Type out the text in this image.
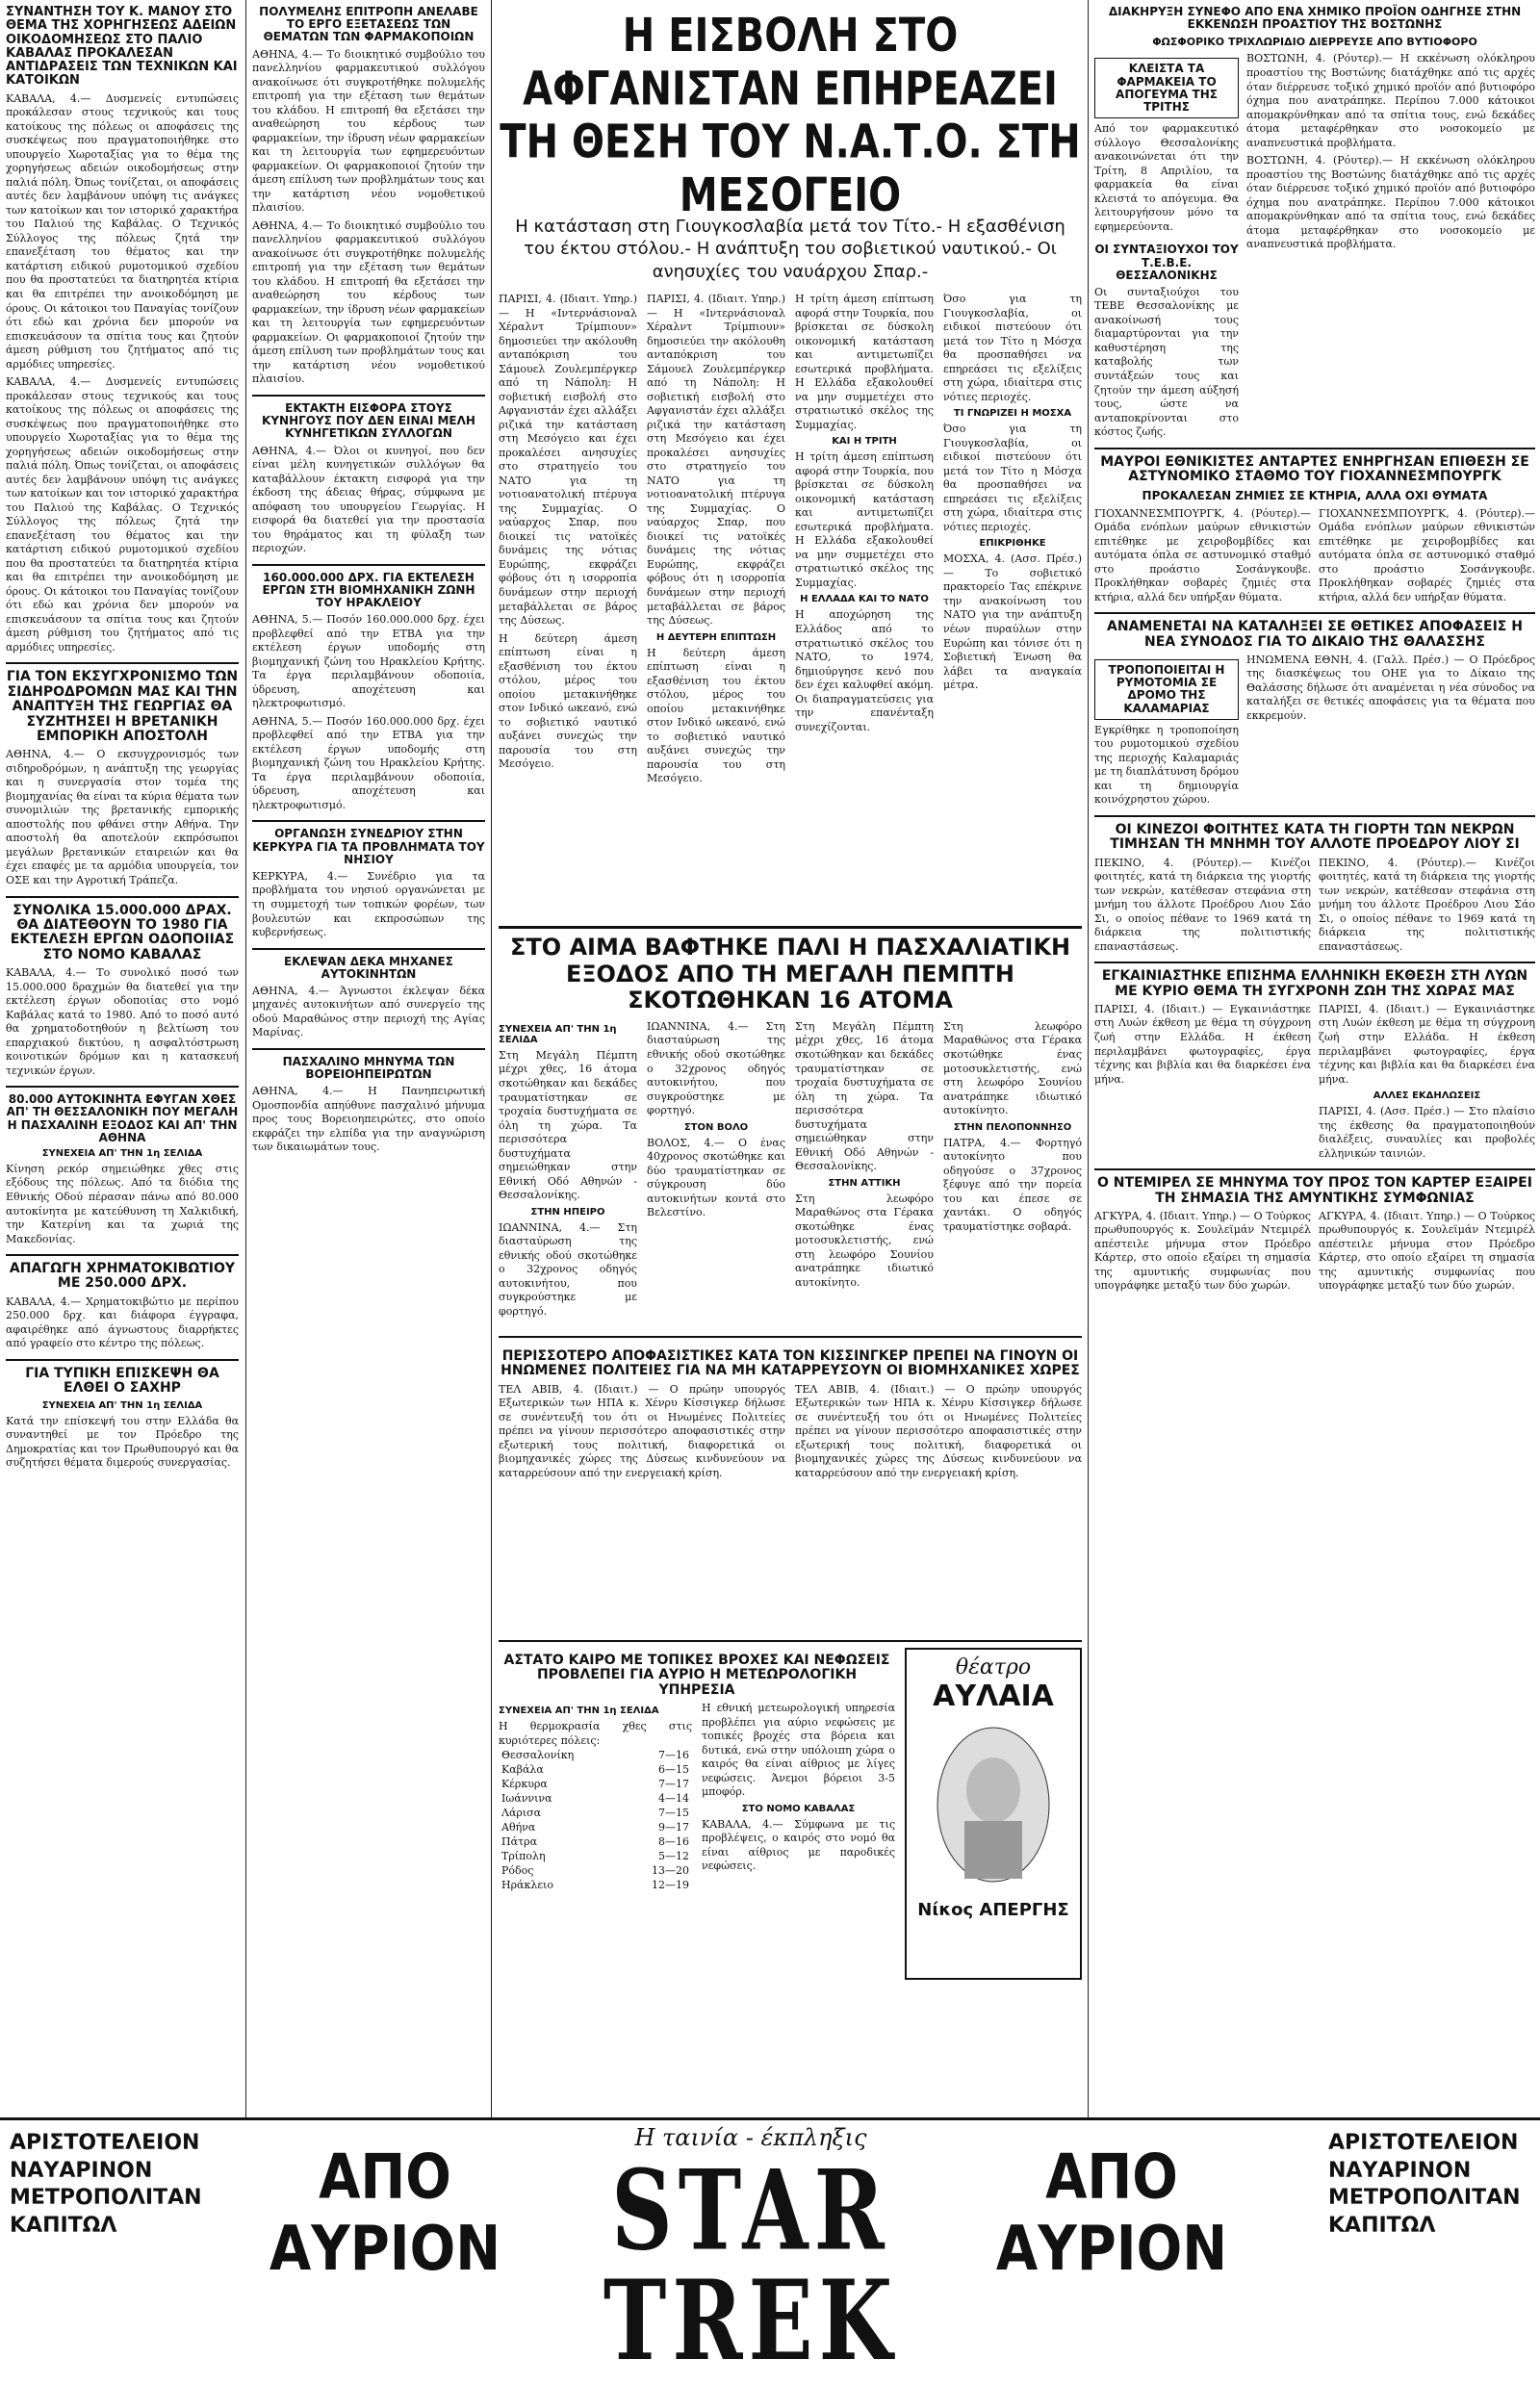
ΣΥΝΑΝΤΗΣΗ ΤΟΥ Κ. ΜΑΝΟΥ ΣΤΟ ΘΕΜΑ ΤΗΣ ΧΟΡΗΓΗΣΕΩΣ ΑΔΕΙΩΝ ΟΙΚΟΔΟΜΗΣΕΩΣ ΣΤΟ ΠΑΛΙΟ ΚΑΒΑΛΑΣ ΠΡΟΚΑΛΕΣΑΝ ΑΝΤΙΔΡΑΣΕΙΣ ΤΩΝ ΤΕΧΝΙΚΩΝ ΚΑΙ ΚΑΤΟΙΚΩΝ
ΚΑΒΑΛΑ, 4.— Δυσμενείς εντυπώσεις προκάλεσαν στους τεχνικούς και τους κατοίκους της πόλεως οι αποφάσεις της συσκέψεως που πραγματοποιήθηκε στο υπουργείο Χωροταξίας για το θέμα της χορηγήσεως αδειών οικοδομήσεως στην παλιά πόλη. Όπως τονίζεται, οι αποφάσεις αυτές δεν λαμβάνουν υπόψη τις ανάγκες των κατοίκων και τον ιστορικό χαρακτήρα του Παλιού της Καβάλας. Ο Τεχνικός Σύλλογος της πόλεως ζητά την επανεξέταση του θέματος και την κατάρτιση ειδικού ρυμοτομικού σχεδίου που θα προστατεύει τα διατηρητέα κτίρια και θα επιτρέπει την ανοικοδόμηση με όρους. Οι κάτοικοι του Παναγίας τονίζουν ότι εδώ και χρόνια δεν μπορούν να επισκευάσουν τα σπίτια τους και ζητούν άμεση ρύθμιση του ζητήματος από τις αρμόδιες υπηρεσίες.
ΚΑΒΑΛΑ, 4.— Δυσμενείς εντυπώσεις προκάλεσαν στους τεχνικούς και τους κατοίκους της πόλεως οι αποφάσεις της συσκέψεως που πραγματοποιήθηκε στο υπουργείο Χωροταξίας για το θέμα της χορηγήσεως αδειών οικοδομήσεως στην παλιά πόλη. Όπως τονίζεται, οι αποφάσεις αυτές δεν λαμβάνουν υπόψη τις ανάγκες των κατοίκων και τον ιστορικό χαρακτήρα του Παλιού της Καβάλας. Ο Τεχνικός Σύλλογος της πόλεως ζητά την επανεξέταση του θέματος και την κατάρτιση ειδικού ρυμοτομικού σχεδίου που θα προστατεύει τα διατηρητέα κτίρια και θα επιτρέπει την ανοικοδόμηση με όρους. Οι κάτοικοι του Παναγίας τονίζουν ότι εδώ και χρόνια δεν μπορούν να επισκευάσουν τα σπίτια τους και ζητούν άμεση ρύθμιση του ζητήματος από τις αρμόδιες υπηρεσίες.
ΓΙΑ ΤΟΝ ΕΚΣΥΓΧΡΟΝΙΣΜΟ ΤΩΝ ΣΙΔΗΡΟΔΡΟΜΩΝ ΜΑΣ ΚΑΙ ΤΗΝ ΑΝΑΠΤΥΞΗ ΤΗΣ ΓΕΩΡΓΙΑΣ ΘΑ ΣΥΖΗΤΗΣΕΙ Η ΒΡΕΤΑΝΙΚΗ ΕΜΠΟΡΙΚΗ ΑΠΟΣΤΟΛΗ
ΑΘΗΝΑ, 4.— Ο εκσυγχρονισμός των σιδηροδρόμων, η ανάπτυξη της γεωργίας και η συνεργασία στον τομέα της βιομηχανίας θα είναι τα κύρια θέματα των συνομιλιών της βρετανικής εμπορικής αποστολής που φθάνει στην Αθήνα. Την αποστολή θα αποτελούν εκπρόσωποι μεγάλων βρετανικών εταιρειών και θα έχει επαφές με τα αρμόδια υπουργεία, τον ΟΣΕ και την Αγροτική Τράπεζα.
ΣΥΝΟΛΙΚΑ 15.000.000 ΔΡΑΧ. ΘΑ ΔΙΑΤΕΘΟΥΝ ΤΟ 1980 ΓΙΑ ΕΚΤΕΛΕΣΗ ΕΡΓΩΝ ΟΔΟΠΟΙΙΑΣ ΣΤΟ ΝΟΜΟ ΚΑΒΑΛΑΣ
ΚΑΒΑΛΑ, 4.— Το συνολικό ποσό των 15.000.000 δραχμών θα διατεθεί για την εκτέλεση έργων οδοποιίας στο νομό Καβάλας κατά το 1980. Από το ποσό αυτό θα χρηματοδοτηθούν η βελτίωση του επαρχιακού δικτύου, η ασφαλτόστρωση κοινοτικών δρόμων και η κατασκευή τεχνικών έργων.
80.000 ΑΥΤΟΚΙΝΗΤΑ ΕΦΥΓΑΝ ΧΘΕΣ ΑΠ' ΤΗ ΘΕΣΣΑΛΟΝΙΚΗ ΠΟΥ ΜΕΓΑΛΗ Η ΠΑΣΧΑΛΙΝΗ ΕΞΟΔΟΣ ΚΑΙ ΑΠ' ΤΗΝ ΑΘΗΝΑ
ΣΥΝΕΧΕΙΑ ΑΠ' ΤΗΝ 1η ΣΕΛΙΔΑ
Κίνηση ρεκόρ σημειώθηκε χθες στις εξόδους της πόλεως. Από τα διόδια της Εθνικής Οδού πέρασαν πάνω από 80.000 αυτοκίνητα με κατεύθυνση τη Χαλκιδική, την Κατερίνη και τα χωριά της Μακεδονίας.
ΑΠΑΓΩΓΗ ΧΡΗΜΑΤΟΚΙΒΩΤΙΟΥ ΜΕ 250.000 ΔΡΧ.
ΚΑΒΑΛΑ, 4.— Χρηματοκιβώτιο με περίπου 250.000 δρχ. και διάφορα έγγραφα, αφαιρέθηκε από άγνωστους διαρρήκτες από γραφείο στο κέντρο της πόλεως.
ΓΙΑ ΤΥΠΙΚΗ ΕΠΙΣΚΕΨΗ ΘΑ ΕΛΘΕΙ Ο ΣΑΧΗΡ
ΣΥΝΕΧΕΙΑ ΑΠ' ΤΗΝ 1η ΣΕΛΙΔΑ
Κατά την επίσκεψή του στην Ελλάδα θα συναντηθεί με τον Πρόεδρο της Δημοκρατίας και τον Πρωθυπουργό και θα συζητήσει θέματα διμερούς συνεργασίας.
ΠΟΛΥΜΕΛΗΣ ΕΠΙΤΡΟΠΗ ΑΝΕΛΑΒΕ ΤΟ ΕΡΓΟ ΕΞΕΤΑΣΕΩΣ ΤΩΝ ΘΕΜΑΤΩΝ ΤΩΝ ΦΑΡΜΑΚΟΠΟΙΩΝ
ΑΘΗΝΑ, 4.— Το διοικητικό συμβούλιο του πανελληνίου φαρμακευτικού συλλόγου ανακοίνωσε ότι συγκροτήθηκε πολυμελής επιτροπή για την εξέταση των θεμάτων του κλάδου. Η επιτροπή θα εξετάσει την αναθεώρηση του κέρδους των φαρμακείων, την ίδρυση νέων φαρμακείων και τη λειτουργία των εφημερευόντων φαρμακείων. Οι φαρμακοποιοί ζητούν την άμεση επίλυση των προβλημάτων τους και την κατάρτιση νέου νομοθετικού πλαισίου.
ΑΘΗΝΑ, 4.— Το διοικητικό συμβούλιο του πανελληνίου φαρμακευτικού συλλόγου ανακοίνωσε ότι συγκροτήθηκε πολυμελής επιτροπή για την εξέταση των θεμάτων του κλάδου. Η επιτροπή θα εξετάσει την αναθεώρηση του κέρδους των φαρμακείων, την ίδρυση νέων φαρμακείων και τη λειτουργία των εφημερευόντων φαρμακείων. Οι φαρμακοποιοί ζητούν την άμεση επίλυση των προβλημάτων τους και την κατάρτιση νέου νομοθετικού πλαισίου.
ΕΚΤΑΚΤΗ ΕΙΣΦΟΡΑ ΣΤΟΥΣ ΚΥΝΗΓΟΥΣ ΠΟΥ ΔΕΝ ΕΙΝΑΙ ΜΕΛΗ ΚΥΝΗΓΕΤΙΚΩΝ ΣΥΛΛΟΓΩΝ
ΑΘΗΝΑ, 4.— Όλοι οι κυνηγοί, που δεν είναι μέλη κυνηγετικών συλλόγων θα καταβάλλουν έκτακτη εισφορά για την έκδοση της άδειας θήρας, σύμφωνα με απόφαση του υπουργείου Γεωργίας. Η εισφορά θα διατεθεί για την προστασία του θηράματος και τη φύλαξη των περιοχών.
160.000.000 ΔΡΧ. ΓΙΑ ΕΚΤΕΛΕΣΗ ΕΡΓΩΝ ΣΤΗ ΒΙΟΜΗΧΑΝΙΚΗ ΖΩΝΗ ΤΟΥ ΗΡΑΚΛΕΙΟΥ
ΑΘΗΝΑ, 5.— Ποσόν 160.000.000 δρχ. έχει προβλεφθεί από την ΕΤΒΑ για την εκτέλεση έργων υποδομής στη βιομηχανική ζώνη του Ηρακλείου Κρήτης. Τα έργα περιλαμβάνουν οδοποιία, ύδρευση, αποχέτευση και ηλεκτροφωτισμό.
ΑΘΗΝΑ, 5.— Ποσόν 160.000.000 δρχ. έχει προβλεφθεί από την ΕΤΒΑ για την εκτέλεση έργων υποδομής στη βιομηχανική ζώνη του Ηρακλείου Κρήτης. Τα έργα περιλαμβάνουν οδοποιία, ύδρευση, αποχέτευση και ηλεκτροφωτισμό.
ΟΡΓΑΝΩΣΗ ΣΥΝΕΔΡΙΟΥ ΣΤΗΝ ΚΕΡΚΥΡΑ ΓΙΑ ΤΑ ΠΡΟΒΛΗΜΑΤΑ ΤΟΥ ΝΗΣΙΟΥ
ΚΕΡΚΥΡΑ, 4.— Συνέδριο για τα προβλήματα του νησιού οργανώνεται με τη συμμετοχή των τοπικών φορέων, των βουλευτών και εκπροσώπων της κυβερνήσεως.
ΕΚΛΕΨΑΝ ΔΕΚΑ ΜΗΧΑΝΕΣ ΑΥΤΟΚΙΝΗΤΩΝ
ΑΘΗΝΑ, 4.— Άγνωστοι έκλεψαν δέκα μηχανές αυτοκινήτων από συνεργείο της οδού Μαραθώνος στην περιοχή της Αγίας Μαρίνας.
ΠΑΣΧΑΛΙΝΟ ΜΗΝΥΜΑ ΤΩΝ ΒΟΡΕΙΟΗΠΕΙΡΩΤΩΝ
ΑΘΗΝΑ, 4.— Η Πανηπειρωτική Ομοσπονδία απηύθυνε πασχαλινό μήνυμα προς τους Βορειοηπειρώτες, στο οποίο εκφράζει την ελπίδα για την αναγνώριση των δικαιωμάτων τους.
Η ΕΙΣΒΟΛΗ ΣΤΟ ΑΦΓΑΝΙΣΤΑΝ ΕΠΗΡΕΑΖΕΙ ΤΗ ΘΕΣΗ ΤΟΥ Ν.Α.Τ.Ο. ΣΤΗ ΜΕΣΟΓΕΙΟ
Η κατάσταση στη Γιουγκοσλαβία μετά τον Τίτο.- Η εξασθένιση του έκτου στόλου.- Η ανάπτυξη του σοβιετικού ναυτικού.- Οι ανησυχίες του ναυάρχου Σπαρ.-
ΠΑΡΙΣΙ, 4. (Ιδιαιτ. Υπηρ.) — Η «Ιντερνάσιοναλ Χέραλντ Τρίμπιουν» δημοσιεύει την ακόλουθη ανταπόκριση του Σάμουελ Ζουλεμπέργκερ από τη Νάπολη: Η σοβιετική εισβολή στο Αφγανιστάν έχει αλλάξει ριζικά την κατάσταση στη Μεσόγειο και έχει προκαλέσει ανησυχίες στο στρατηγείο του ΝΑΤΟ για τη νοτιοανατολική πτέρυγα της Συμμαχίας. Ο ναύαρχος Σπαρ, που διοικεί τις νατοϊκές δυνάμεις της νότιας Ευρώπης, εκφράζει φόβους ότι η ισορροπία δυνάμεων στην περιοχή μεταβάλλεται σε βάρος της Δύσεως.
Η δεύτερη άμεση επίπτωση είναι η εξασθένιση του έκτου στόλου, μέρος του οποίου μετακινήθηκε στον Ινδικό ωκεανό, ενώ το σοβιετικό ναυτικό αυξάνει συνεχώς την παρουσία του στη Μεσόγειο.
ΠΑΡΙΣΙ, 4. (Ιδιαιτ. Υπηρ.) — Η «Ιντερνάσιοναλ Χέραλντ Τρίμπιουν» δημοσιεύει την ακόλουθη ανταπόκριση του Σάμουελ Ζουλεμπέργκερ από τη Νάπολη: Η σοβιετική εισβολή στο Αφγανιστάν έχει αλλάξει ριζικά την κατάσταση στη Μεσόγειο και έχει προκαλέσει ανησυχίες στο στρατηγείο του ΝΑΤΟ για τη νοτιοανατολική πτέρυγα της Συμμαχίας. Ο ναύαρχος Σπαρ, που διοικεί τις νατοϊκές δυνάμεις της νότιας Ευρώπης, εκφράζει φόβους ότι η ισορροπία δυνάμεων στην περιοχή μεταβάλλεται σε βάρος της Δύσεως.
Η ΔΕΥΤΕΡΗ ΕΠΙΠΤΩΣΗ
Η δεύτερη άμεση επίπτωση είναι η εξασθένιση του έκτου στόλου, μέρος του οποίου μετακινήθηκε στον Ινδικό ωκεανό, ενώ το σοβιετικό ναυτικό αυξάνει συνεχώς την παρουσία του στη Μεσόγειο.
Η τρίτη άμεση επίπτωση αφορά στην Τουρκία, που βρίσκεται σε δύσκολη οικονομική κατάσταση και αντιμετωπίζει εσωτερικά προβλήματα. Η Ελλάδα εξακολουθεί να μην συμμετέχει στο στρατιωτικό σκέλος της Συμμαχίας.
ΚΑΙ Η ΤΡΙΤΗ
Η τρίτη άμεση επίπτωση αφορά στην Τουρκία, που βρίσκεται σε δύσκολη οικονομική κατάσταση και αντιμετωπίζει εσωτερικά προβλήματα. Η Ελλάδα εξακολουθεί να μην συμμετέχει στο στρατιωτικό σκέλος της Συμμαχίας.
Η ΕΛΛΑΔΑ ΚΑΙ ΤΟ ΝΑΤΟ
Η αποχώρηση της Ελλάδος από το στρατιωτικό σκέλος του ΝΑΤΟ, το 1974, δημιούργησε κενό που δεν έχει καλυφθεί ακόμη. Οι διαπραγματεύσεις για την επανένταξη συνεχίζονται.
Όσο για τη Γιουγκοσλαβία, οι ειδικοί πιστεύουν ότι μετά τον Τίτο η Μόσχα θα προσπαθήσει να επηρεάσει τις εξελίξεις στη χώρα, ιδιαίτερα στις νότιες περιοχές.
ΤΙ ΓΝΩΡΙΖΕΙ Η ΜΟΣΧΑ
Όσο για τη Γιουγκοσλαβία, οι ειδικοί πιστεύουν ότι μετά τον Τίτο η Μόσχα θα προσπαθήσει να επηρεάσει τις εξελίξεις στη χώρα, ιδιαίτερα στις νότιες περιοχές.
ΕΠΙΚΡΙΘΗΚΕ
ΜΟΣΧΑ, 4. (Ασσ. Πρέσ.) — Το σοβιετικό πρακτορείο Τας επέκρινε την ανακοίνωση του ΝΑΤΟ για την ανάπτυξη νέων πυραύλων στην Ευρώπη και τόνισε ότι η Σοβιετική Ένωση θα λάβει τα αναγκαία μέτρα.
ΣΤΟ ΑΙΜΑ ΒΑΦΤΗΚΕ ΠΑΛΙ Η ΠΑΣΧΑΛΙΑΤΙΚΗ ΕΞΟΔΟΣ ΑΠΟ ΤΗ ΜΕΓΑΛΗ ΠΕΜΠΤΗ ΣΚΟΤΩΘΗΚΑΝ 16 ΑΤΟΜΑ
ΣΥΝΕΧΕΙΑ ΑΠ' ΤΗΝ 1η ΣΕΛΙΔΑ
Στη Μεγάλη Πέμπτη μέχρι χθες, 16 άτομα σκοτώθηκαν και δεκάδες τραυματίστηκαν σε τροχαία δυστυχήματα σε όλη τη χώρα. Τα περισσότερα δυστυχήματα σημειώθηκαν στην Εθνική Οδό Αθηνών - Θεσσαλονίκης.
ΣΤΗΝ ΗΠΕΙΡΟ
ΙΩΑΝΝΙΝΑ, 4.— Στη διασταύρωση της εθνικής οδού σκοτώθηκε ο 32χρονος οδηγός αυτοκινήτου, που συγκρούστηκε με φορτηγό.
ΙΩΑΝΝΙΝΑ, 4.— Στη διασταύρωση της εθνικής οδού σκοτώθηκε ο 32χρονος οδηγός αυτοκινήτου, που συγκρούστηκε με φορτηγό.
ΣΤΟΝ ΒΟΛΟ
ΒΟΛΟΣ, 4.— Ο ένας 40χρονος σκοτώθηκε και δύο τραυματίστηκαν σε σύγκρουση δύο αυτοκινήτων κοντά στο Βελεστίνο.
Στη Μεγάλη Πέμπτη μέχρι χθες, 16 άτομα σκοτώθηκαν και δεκάδες τραυματίστηκαν σε τροχαία δυστυχήματα σε όλη τη χώρα. Τα περισσότερα δυστυχήματα σημειώθηκαν στην Εθνική Οδό Αθηνών - Θεσσαλονίκης.
ΣΤΗΝ ΑΤΤΙΚΗ
Στη λεωφόρο Μαραθώνος στα Γέρακα σκοτώθηκε ένας μοτοσυκλετιστής, ενώ στη λεωφόρο Σουνίου ανατράπηκε ιδιωτικό αυτοκίνητο.
Στη λεωφόρο Μαραθώνος στα Γέρακα σκοτώθηκε ένας μοτοσυκλετιστής, ενώ στη λεωφόρο Σουνίου ανατράπηκε ιδιωτικό αυτοκίνητο.
ΣΤΗΝ ΠΕΛΟΠΟΝΝΗΣΟ
ΠΑΤΡΑ, 4.— Φορτηγό αυτοκίνητο που οδηγούσε ο 37χρονος ξέφυγε από την πορεία του και έπεσε σε χαντάκι. Ο οδηγός τραυματίστηκε σοβαρά.
ΠΕΡΙΣΣΟΤΕΡΟ ΑΠΟΦΑΣΙΣΤΙΚΕΣ ΚΑΤΑ ΤΟΝ ΚΙΣΣΙΝΓΚΕΡ ΠΡΕΠΕΙ ΝΑ ΓΙΝΟΥΝ ΟΙ ΗΝΩΜΕΝΕΣ ΠΟΛΙΤΕΙΕΣ ΓΙΑ ΝΑ ΜΗ ΚΑΤΑΡΡΕΥΣΟΥΝ ΟΙ ΒΙΟΜΗΧΑΝΙΚΕΣ ΧΩΡΕΣ
ΤΕΛ ΑΒΙΒ, 4. (Ιδιαιτ.) — Ο πρώην υπουργός Εξωτερικών των ΗΠΑ κ. Χένρυ Κίσσιγκερ δήλωσε σε συνέντευξή του ότι οι Ηνωμένες Πολιτείες πρέπει να γίνουν περισσότερο αποφασιστικές στην εξωτερική τους πολιτική, διαφορετικά οι βιομηχανικές χώρες της Δύσεως κινδυνεύουν να καταρρεύσουν από την ενεργειακή κρίση.
ΤΕΛ ΑΒΙΒ, 4. (Ιδιαιτ.) — Ο πρώην υπουργός Εξωτερικών των ΗΠΑ κ. Χένρυ Κίσσιγκερ δήλωσε σε συνέντευξή του ότι οι Ηνωμένες Πολιτείες πρέπει να γίνουν περισσότερο αποφασιστικές στην εξωτερική τους πολιτική, διαφορετικά οι βιομηχανικές χώρες της Δύσεως κινδυνεύουν να καταρρεύσουν από την ενεργειακή κρίση.
ΑΣΤΑΤΟ ΚΑΙΡΟ ΜΕ ΤΟΠΙΚΕΣ ΒΡΟΧΕΣ ΚΑΙ ΝΕΦΩΣΕΙΣ ΠΡΟΒΛΕΠΕΙ ΓΙΑ ΑΥΡΙΟ Η ΜΕΤΕΩΡΟΛΟΓΙΚΗ ΥΠΗΡΕΣΙΑ
ΣΥΝΕΧΕΙΑ ΑΠ' ΤΗΝ 1η ΣΕΛΙΔΑ
Η θερμοκρασία χθες στις κυριότερες πόλεις:
Θεσσαλονίκη	7—16
Καβάλα	6—15
Κέρκυρα	7—17
Ιωάννινα	4—14
Λάρισα	7—15
Αθήνα	9—17
Πάτρα	8—16
Τρίπολη	5—12
Ρόδος	13—20
Ηράκλειο	12—19
Η εθνική μετεωρολογική υπηρεσία προβλέπει για αύριο νεφώσεις με τοπικές βροχές στα βόρεια και δυτικά, ενώ στην υπόλοιπη χώρα ο καιρός θα είναι αίθριος με λίγες νεφώσεις. Άνεμοι βόρειοι 3-5 μποφόρ.
ΣΤΟ ΝΟΜΟ ΚΑΒΑΛΑΣ
ΚΑΒΑΛΑ, 4.— Σύμφωνα με τις προβλέψεις, ο καιρός στο νομό θα είναι αίθριος με παροδικές νεφώσεις.
θέατρο
ΑΥΛΑΙΑ
Νίκος ΑΠΕΡΓΗΣ
ΔΙΑΚΗΡΥΞΗ ΣΥΝΕΦΟ ΑΠΟ ΕΝΑ ΧΗΜΙΚΟ ΠΡΟΪΟΝ ΟΔΗΓΗΣΕ ΣΤΗΝ ΕΚΚΕΝΩΣΗ ΠΡΟΑΣΤΙΟΥ ΤΗΣ ΒΟΣΤΩΝΗΣ
ΦΩΣΦΟΡΙΚΟ ΤΡΙΧΛΩΡΙΔΙΟ ΔΙΕΡΡΕΥΣΕ ΑΠΟ ΒΥΤΙΟΦΟΡΟ
ΚΛΕΙΣΤΑ ΤΑ ΦΑΡΜΑΚΕΙΑ ΤΟ ΑΠΟΓΕΥΜΑ ΤΗΣ ΤΡΙΤΗΣ
Από τον φαρμακευτικό σύλλογο Θεσσαλονίκης ανακοινώνεται ότι την Τρίτη, 8 Απριλίου, τα φαρμακεία θα είναι κλειστά το απόγευμα. Θα λειτουργήσουν μόνο τα εφημερεύοντα.
ΟΙ ΣΥΝΤΑΞΙΟΥΧΟΙ ΤΟΥ Τ.Ε.Β.Ε. ΘΕΣΣΑΛΟΝΙΚΗΣ
Οι συνταξιούχοι του ΤΕΒΕ Θεσσαλονίκης με ανακοίνωσή τους διαμαρτύρονται για την καθυστέρηση της καταβολής των συντάξεών τους και ζητούν την άμεση αύξησή τους, ώστε να ανταποκρίνονται στο κόστος ζωής.
ΒΟΣΤΩΝΗ, 4. (Ρόυτερ).— Η εκκένωση ολόκληρου προαστίου της Βοστώνης διατάχθηκε από τις αρχές όταν διέρρευσε τοξικό χημικό προϊόν από βυτιοφόρο όχημα που ανατράπηκε. Περίπου 7.000 κάτοικοι απομακρύνθηκαν από τα σπίτια τους, ενώ δεκάδες άτομα μεταφέρθηκαν στο νοσοκομείο με αναπνευστικά προβλήματα.
ΒΟΣΤΩΝΗ, 4. (Ρόυτερ).— Η εκκένωση ολόκληρου προαστίου της Βοστώνης διατάχθηκε από τις αρχές όταν διέρρευσε τοξικό χημικό προϊόν από βυτιοφόρο όχημα που ανατράπηκε. Περίπου 7.000 κάτοικοι απομακρύνθηκαν από τα σπίτια τους, ενώ δεκάδες άτομα μεταφέρθηκαν στο νοσοκομείο με αναπνευστικά προβλήματα.
ΜΑΥΡΟΙ ΕΘΝΙΚΙΣΤΕΣ ΑΝΤΑΡΤΕΣ ΕΝΗΡΓΗΣΑΝ ΕΠΙΘΕΣΗ ΣΕ ΑΣΤΥΝΟΜΙΚΟ ΣΤΑΘΜΟ ΤΟΥ ΓΙΟΧΑΝΝΕΣΜΠΟΥΡΓΚ
ΠΡΟΚΑΛΕΣΑΝ ΖΗΜΙΕΣ ΣΕ ΚΤΗΡΙΑ, ΑΛΛΑ ΟΧΙ ΘΥΜΑΤΑ
ΓΙΟΧΑΝΝΕΣΜΠΟΥΡΓΚ, 4. (Ρόυτερ).— Ομάδα ενόπλων μαύρων εθνικιστών επιτέθηκε με χειροβομβίδες και αυτόματα όπλα σε αστυνομικό σταθμό στο προάστιο Σοσάνγκουβε. Προκλήθηκαν σοβαρές ζημιές στα κτήρια, αλλά δεν υπήρξαν θύματα.
ΓΙΟΧΑΝΝΕΣΜΠΟΥΡΓΚ, 4. (Ρόυτερ).— Ομάδα ενόπλων μαύρων εθνικιστών επιτέθηκε με χειροβομβίδες και αυτόματα όπλα σε αστυνομικό σταθμό στο προάστιο Σοσάνγκουβε. Προκλήθηκαν σοβαρές ζημιές στα κτήρια, αλλά δεν υπήρξαν θύματα.
ΑΝΑΜΕΝΕΤΑΙ ΝΑ ΚΑΤΑΛΗΞΕΙ ΣΕ ΘΕΤΙΚΕΣ ΑΠΟΦΑΣΕΙΣ Η ΝΕΑ ΣΥΝΟΔΟΣ ΓΙΑ ΤΟ ΔΙΚΑΙΟ ΤΗΣ ΘΑΛΑΣΣΗΣ
ΤΡΟΠΟΠΟΙΕΙΤΑΙ Η ΡΥΜΟΤΟΜΙΑ ΣΕ ΔΡΟΜΟ ΤΗΣ ΚΑΛΑΜΑΡΙΑΣ
Εγκρίθηκε η τροποποίηση του ρυμοτομικού σχεδίου της περιοχής Καλαμαριάς με τη διαπλάτυνση δρόμου και τη δημιουργία κοινόχρηστου χώρου.
ΗΝΩΜΕΝΑ ΕΘΝΗ, 4. (Γαλλ. Πρέσ.) — Ο Πρόεδρος της διασκέψεως του ΟΗΕ για το Δίκαιο της Θαλάσσης δήλωσε ότι αναμένεται η νέα σύνοδος να καταλήξει σε θετικές αποφάσεις για τα θέματα που εκκρεμούν.
ΟΙ ΚΙΝΕΖΟΙ ΦΟΙΤΗΤΕΣ ΚΑΤΑ ΤΗ ΓΙΟΡΤΗ ΤΩΝ ΝΕΚΡΩΝ ΤΙΜΗΣΑΝ ΤΗ ΜΝΗΜΗ ΤΟΥ ΑΛΛΟΤΕ ΠΡΟΕΔΡΟΥ ΛΙΟΥ ΣΙ
ΠΕΚΙΝΟ, 4. (Ρόυτερ).— Κινέζοι φοιτητές, κατά τη διάρκεια της γιορτής των νεκρών, κατέθεσαν στεφάνια στη μνήμη του άλλοτε Προέδρου Λιου Σάο Σι, ο οποίος πέθανε το 1969 κατά τη διάρκεια της πολιτιστικής επαναστάσεως.
ΠΕΚΙΝΟ, 4. (Ρόυτερ).— Κινέζοι φοιτητές, κατά τη διάρκεια της γιορτής των νεκρών, κατέθεσαν στεφάνια στη μνήμη του άλλοτε Προέδρου Λιου Σάο Σι, ο οποίος πέθανε το 1969 κατά τη διάρκεια της πολιτιστικής επαναστάσεως.
ΕΓΚΑΙΝΙΑΣΤΗΚΕ ΕΠΙΣΗΜΑ ΕΛΛΗΝΙΚΗ ΕΚΘΕΣΗ ΣΤΗ ΛΥΩΝ ΜΕ ΚΥΡΙΟ ΘΕΜΑ ΤΗ ΣΥΓΧΡΟΝΗ ΖΩΗ ΤΗΣ ΧΩΡΑΣ ΜΑΣ
ΠΑΡΙΣΙ, 4. (Ιδιαιτ.) — Εγκαινιάστηκε στη Λυών έκθεση με θέμα τη σύγχρονη ζωή στην Ελλάδα. Η έκθεση περιλαμβάνει φωτογραφίες, έργα τέχνης και βιβλία και θα διαρκέσει ένα μήνα.
ΠΑΡΙΣΙ, 4. (Ιδιαιτ.) — Εγκαινιάστηκε στη Λυών έκθεση με θέμα τη σύγχρονη ζωή στην Ελλάδα. Η έκθεση περιλαμβάνει φωτογραφίες, έργα τέχνης και βιβλία και θα διαρκέσει ένα μήνα.
ΑΛΛΕΣ ΕΚΔΗΛΩΣΕΙΣ
ΠΑΡΙΣΙ, 4. (Ασσ. Πρέσ.) — Στο πλαίσιο της έκθεσης θα πραγματοποιηθούν διαλέξεις, συναυλίες και προβολές ελληνικών ταινιών.
Ο ΝΤΕΜΙΡΕΛ ΣΕ ΜΗΝΥΜΑ ΤΟΥ ΠΡΟΣ ΤΟΝ ΚΑΡΤΕΡ ΕΞΑΙΡΕΙ ΤΗ ΣΗΜΑΣΙΑ ΤΗΣ ΑΜΥΝΤΙΚΗΣ ΣΥΜΦΩΝΙΑΣ
ΑΓΚΥΡΑ, 4. (Ιδιαιτ. Υπηρ.) — Ο Τούρκος πρωθυπουργός κ. Σουλεϊμάν Ντεμιρέλ απέστειλε μήνυμα στον Πρόεδρο Κάρτερ, στο οποίο εξαίρει τη σημασία της αμυντικής συμφωνίας που υπογράφηκε μεταξύ των δύο χωρών.
ΑΓΚΥΡΑ, 4. (Ιδιαιτ. Υπηρ.) — Ο Τούρκος πρωθυπουργός κ. Σουλεϊμάν Ντεμιρέλ απέστειλε μήνυμα στον Πρόεδρο Κάρτερ, στο οποίο εξαίρει τη σημασία της αμυντικής συμφωνίας που υπογράφηκε μεταξύ των δύο χωρών.
ΑΡΙΣΤΟΤΕΛΕΙΟΝ
ΝΑΥΑΡΙΝΟΝ
ΜΕΤΡΟΠΟΛΙΤΑΝ
ΚΑΠΙΤΩΛ
ΑΠΟ ΑΥΡΙΟΝ
Η ταινία - έκπληξις
STAR TREK
ΑΠΟ ΑΥΡΙΟΝ
ΑΡΙΣΤΟΤΕΛΕΙΟΝ
ΝΑΥΑΡΙΝΟΝ
ΜΕΤΡΟΠΟΛΙΤΑΝ
ΚΑΠΙΤΩΛ
